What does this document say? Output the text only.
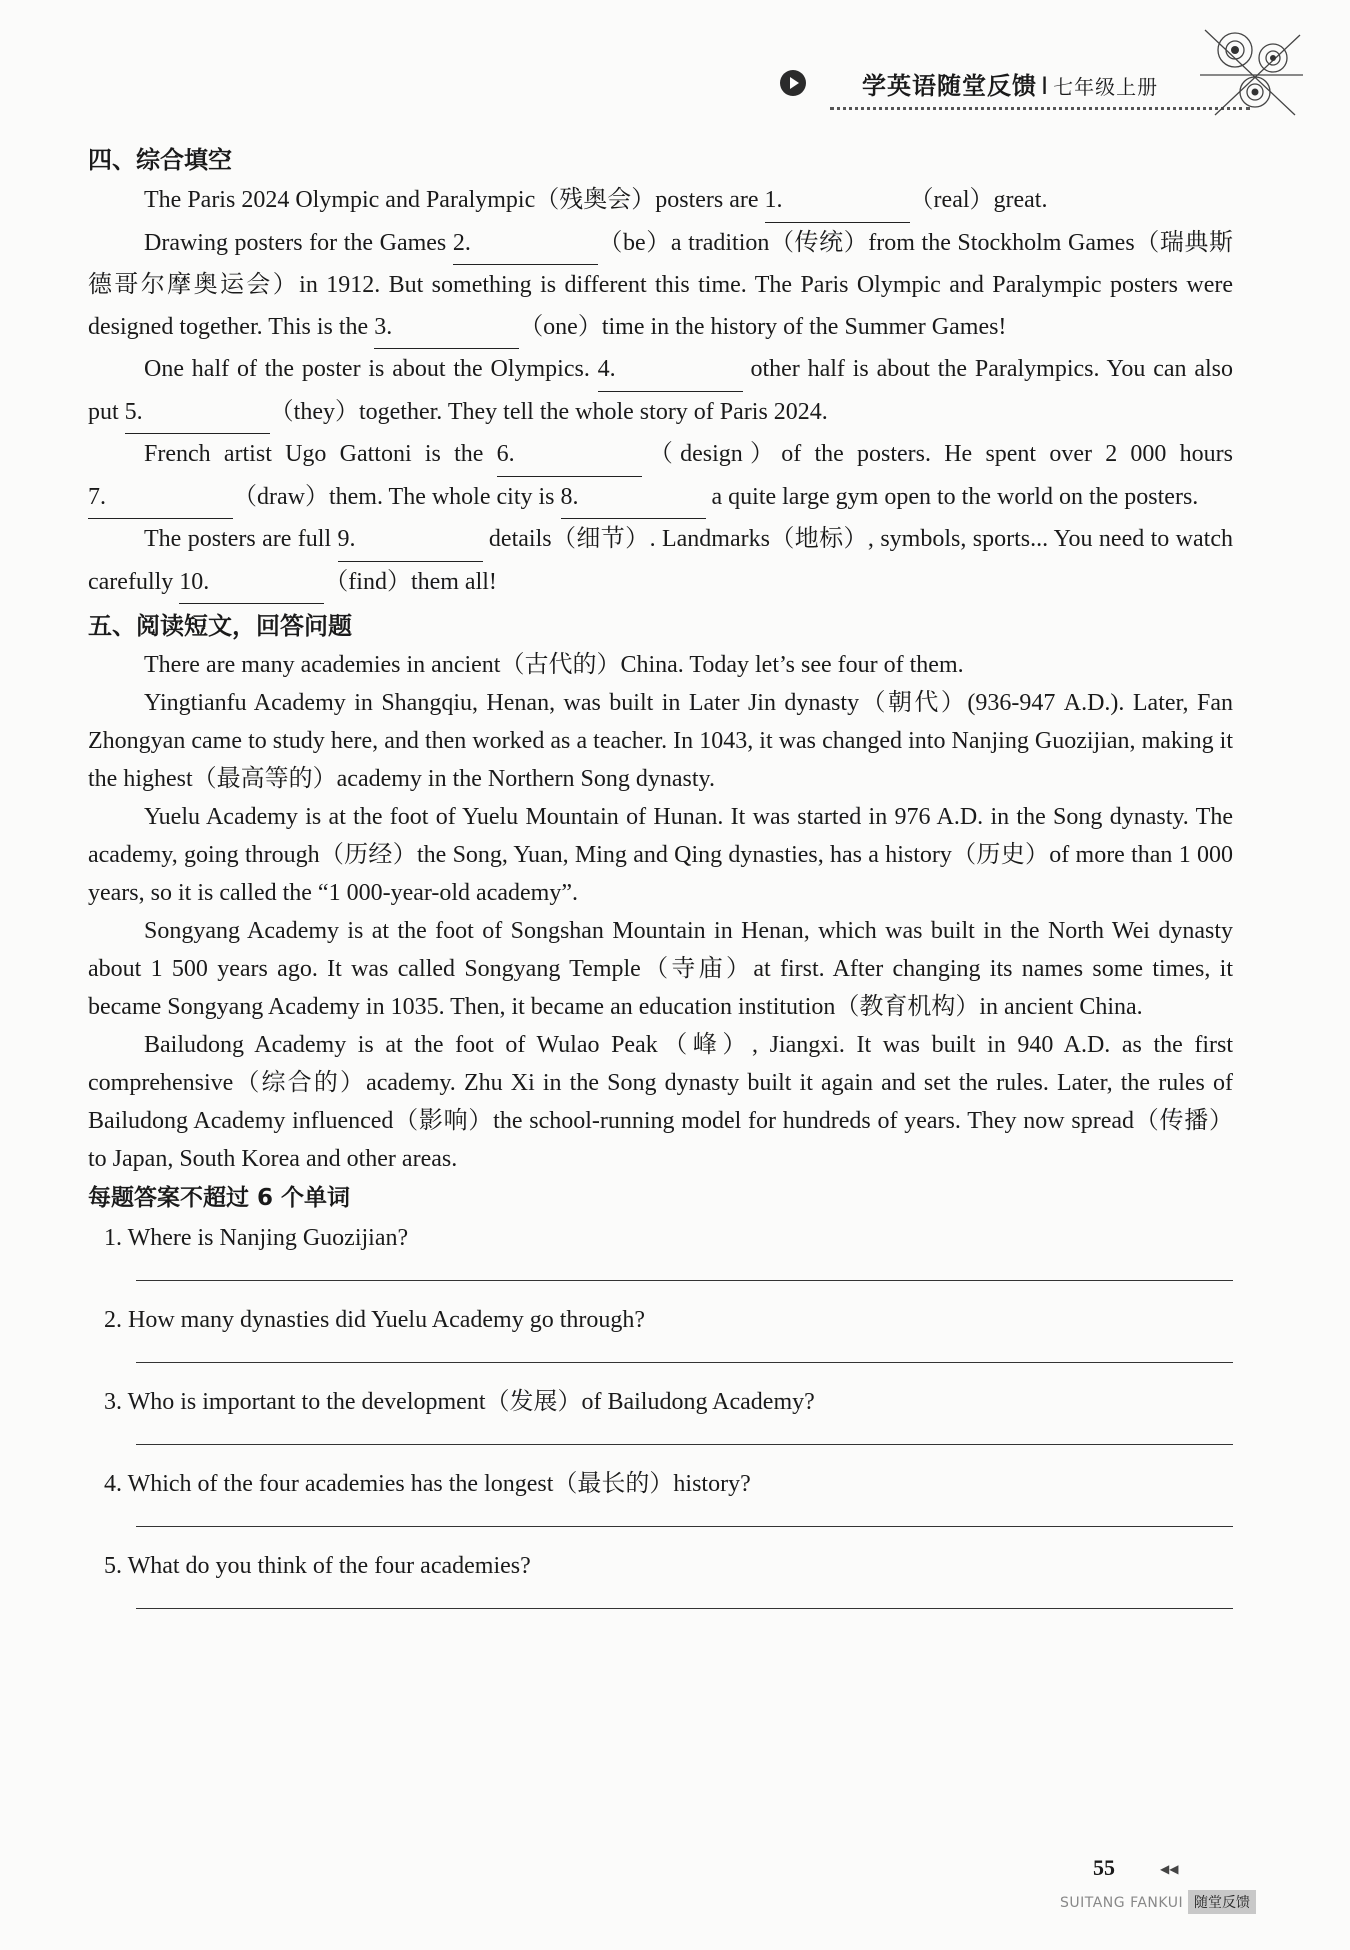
学英语随堂反馈 I 七年级上册
四、综合填空

The Paris 2024 Olympic and Paralympic（残奥会）posters are 1.	（real）great.

Drawing posters for the Games 2.	（be）a tradition（传统）from the Stockholm Games（瑞典斯德哥尔摩奥运会）in 1912. But something is different this time. The Paris Olympic and Paralympic posters were designed together. This is the 3.	（one）time in the history of the Summer Games!

One half of the poster is about the Olympics. 4.	other half is about the Paralympics. You can also put 5.	（they）together. They tell the whole story of Paris 2024.

French artist Ugo Gattoni is the 6.	（design）of the posters. He spent over 2 000 hours 7.	（draw）them. The whole city is 8.	a quite large gym open to the world on the posters.

The posters are full 9.	details（细节）. Landmarks（地标）, symbols, sports... You need to watch carefully 10.	（find）them all!

五、阅读短文，回答问题

There are many academies in ancient（古代的）China. Today let’s see four of them.

Yingtianfu Academy in Shangqiu, Henan, was built in Later Jin dynasty（朝代）(936-947 A.D.). Later, Fan Zhongyan came to study here, and then worked as a teacher. In 1043, it was changed into Nanjing Guozijian, making it the highest（最高等的）academy in the Northern Song dynasty.

Yuelu Academy is at the foot of Yuelu Mountain of Hunan. It was started in 976 A.D. in the Song dynasty. The academy, going through（历经）the Song, Yuan, Ming and Qing dynasties, has a history（历史）of more than 1 000 years, so it is called the “1 000-year-old academy”.

Songyang Academy is at the foot of Songshan Mountain in Henan, which was built in the North Wei dynasty about 1 500 years ago. It was called Songyang Temple（寺庙）at first. After changing its names some times, it became Songyang Academy in 1035. Then, it became an education institution（教育机构）in ancient China.

Bailudong Academy is at the foot of Wulao Peak（峰）, Jiangxi. It was built in 940 A.D. as the first comprehensive（综合的）academy. Zhu Xi in the Song dynasty built it again and set the rules. Later, the rules of Bailudong Academy influenced（影响）the school-running model for hundreds of years. They now spread（传播）to Japan, South Korea and other areas.

每题答案不超过 6 个单词

1. Where is Nanjing Guozijian?
2. How many dynasties did Yuelu Academy go through?
3. Who is important to the development（发展）of Bailudong Academy?
4. Which of the four academies has the longest（最长的）history?
5. What do you think of the four academies?
55	◀◀
SUITANG FANKUI 随堂反馈
